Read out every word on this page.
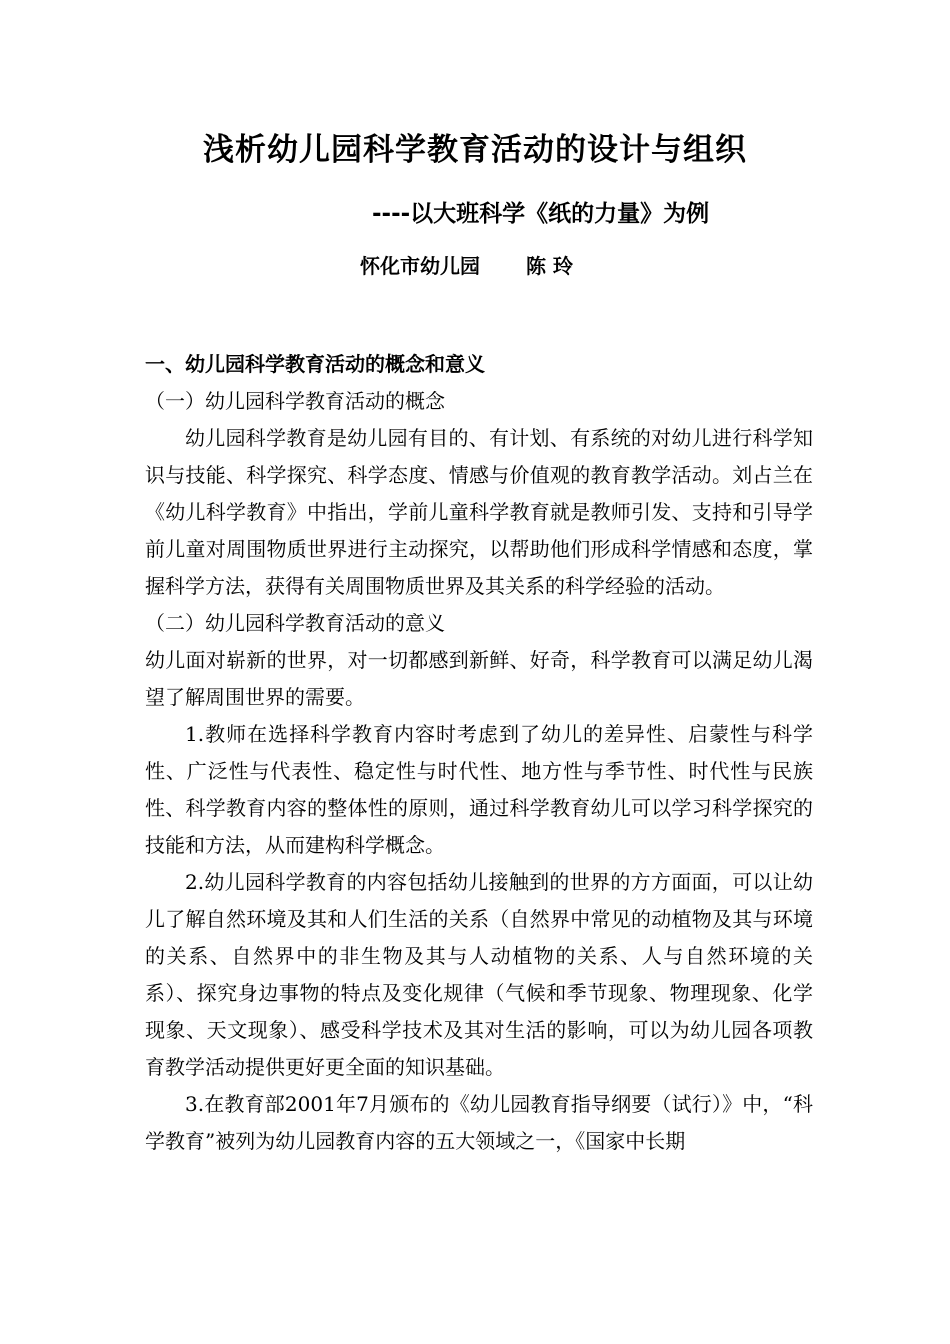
浅析幼儿园科学教育活动的设计与组织
----以大班科学《纸的力量》为例
怀化市幼儿园 陈 玲
一、幼儿园科学教育活动的概念和意义
（一）幼儿园科学教育活动的概念

幼儿园科学教育是幼儿园有目的、有计划、有系统的对幼儿进行科学知识与技能、科学探究、科学态度、情感与价值观的教育教学活动。刘占兰在《幼儿科学教育》中指出，学前儿童科学教育就是教师引发、支持和引导学前儿童对周围物质世界进行主动探究，以帮助他们形成科学情感和态度，掌握科学方法，获得有关周围物质世界及其关系的科学经验的活动。

（二）幼儿园科学教育活动的意义

幼儿面对崭新的世界，对一切都感到新鲜、好奇，科学教育可以满足幼儿渴望了解周围世界的需要。

1.教师在选择科学教育内容时考虑到了幼儿的差异性、启蒙性与科学性、广泛性与代表性、稳定性与时代性、地方性与季节性、时代性与民族性、科学教育内容的整体性的原则，通过科学教育幼儿可以学习科学探究的技能和方法，从而建构科学概念。

2.幼儿园科学教育的内容包括幼儿接触到的世界的方方面面，可以让幼儿了解自然环境及其和人们生活的关系（自然界中常见的动植物及其与环境的关系、自然界中的非生物及其与人动植物的关系、人与自然环境的关系）、探究身边事物的特点及变化规律（气候和季节现象、物理现象、化学现象、天文现象）、感受科学技术及其对生活的影响，可以为幼儿园各项教育教学活动提供更好更全面的知识基础。

3.在教育部2001年7月颁布的《幼儿园教育指导纲要（试行）》中，“科学教育”被列为幼儿园教育内容的五大领域之一，《国家中长期
